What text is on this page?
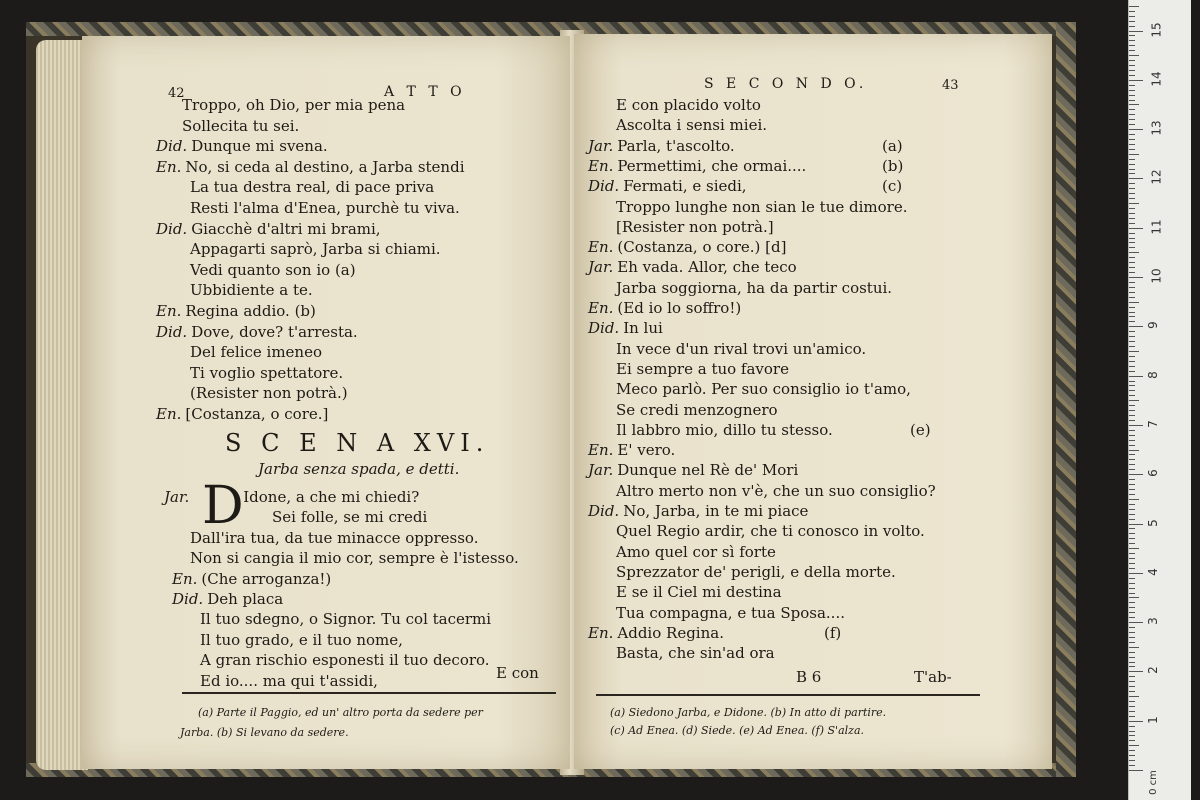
42	A T T O
Troppo, oh Dio, per mia pena
Sollecita tu sei.
Did. Dunque mi svena.
En. No, si ceda al destino, a Jarba stendi
La tua destra real, di pace priva
Resti l'alma d'Enea, purchè tu viva.
Did. Giacchè d'altri mi brami,
Appagarti saprò, Jarba si chiami.
Vedi quanto son io (a)
Ubbidiente a te.
En. Regina addio. (b)
Did. Dove, dove? t'arresta.
Del felice imeneo
Ti voglio spettatore.
(Resister non potrà.)
En. [Costanza, o core.]
S C E N A XVI.
Jarba senza spada, e detti.
D
Jar.	Idone, a che mi chiedi?
Sei folle, se mi credi
Dall'ira tua, da tue minacce oppresso.
Non si cangia il mio cor, sempre è l'istesso.
En. (Che arroganza!)
Did. Deh placa
Il tuo sdegno, o Signor. Tu col tacermi
Il tuo grado, e il tuo nome,
A gran rischio esponesti il tuo decoro.
Ed io.... ma qui t'assidi,	E con
(a) Parte il Paggio, ed un' altro porta da sedere per
Jarba. (b) Si levano da sedere.
S E C O N D O.	43
E con placido volto
Ascolta i sensi miei.
Jar. Parla, t'ascolto.	(a)
En. Permettimi, che ormai....	(b)
Did. Fermati, e siedi,	(c)
Troppo lunghe non sian le tue dimore.
[Resister non potrà.]
En. (Costanza, o core.) [d]
Jar. Eh vada. Allor, che teco
Jarba soggiorna, ha da partir costui.
En. (Ed io lo soffro!)
Did. In lui
In vece d'un rival trovi un'amico.
Ei sempre a tuo favore
Meco parlò. Per suo consiglio io t'amo,
Se credi menzognero
Il labbro mio, dillo tu stesso.	(e)
En. E' vero.
Jar. Dunque nel Rè de' Mori
Altro merto non v'è, che un suo consiglio?
Did. No, Jarba, in te mi piace
Quel Regio ardir, che ti conosco in volto.
Amo quel cor sì forte
Sprezzator de' perigli, e della morte.
E se il Ciel mi destina
Tua compagna, e tua Sposa....
En. Addio Regina.	(f)
Basta, che sin'ad ora
B 6	T'ab-
(a) Siedono Jarba, e Didone. (b) In atto di partire.
(c) Ad Enea. (d) Siede. (e) Ad Enea. (f) S'alza.
1
2
3
4
5
6
7
8
9
10
11
12
13
14
15
0 cm
